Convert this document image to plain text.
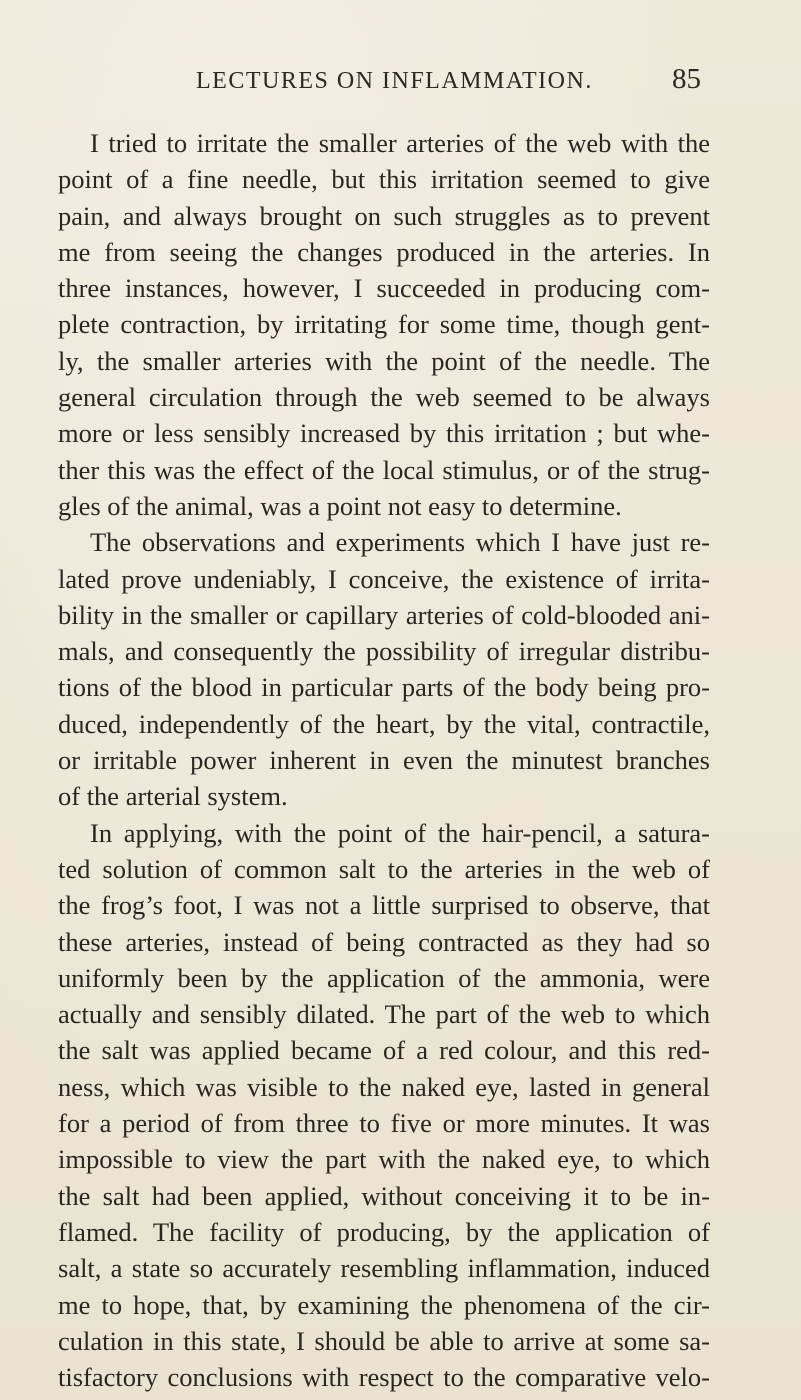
LECTURES ON INFLAMMATION.	85
I tried to irritate the smaller arteries of the web with the
point of a fine needle, but this irritation seemed to give
pain, and always brought on such struggles as to prevent
me from seeing the changes produced in the arteries. In
three instances, however, I succeeded in producing com-
plete contraction, by irritating for some time, though gent-
ly, the smaller arteries with the point of the needle. The
general circulation through the web seemed to be always
more or less sensibly increased by this irritation ; but whe-
ther this was the effect of the local stimulus, or of the strug-
gles of the animal, was a point not easy to determine.
The observations and experiments which I have just re-
lated prove undeniably, I conceive, the existence of irrita-
bility in the smaller or capillary arteries of cold-blooded ani-
mals, and consequently the possibility of irregular distribu-
tions of the blood in particular parts of the body being pro-
duced, independently of the heart, by the vital, contractile,
or irritable power inherent in even the minutest branches
of the arterial system.
In applying, with the point of the hair-pencil, a satura-
ted solution of common salt to the arteries in the web of
the frog’s foot, I was not a little surprised to observe, that
these arteries, instead of being contracted as they had so
uniformly been by the application of the ammonia, were
actually and sensibly dilated. The part of the web to which
the salt was applied became of a red colour, and this red-
ness, which was visible to the naked eye, lasted in general
for a period of from three to five or more minutes. It was
impossible to view the part with the naked eye, to which
the salt had been applied, without conceiving it to be in-
flamed. The facility of producing, by the application of
salt, a state so accurately resembling inflammation, induced
me to hope, that, by examining the phenomena of the cir-
culation in this state, I should be able to arrive at some sa-
tisfactory conclusions with respect to the comparative velo-
